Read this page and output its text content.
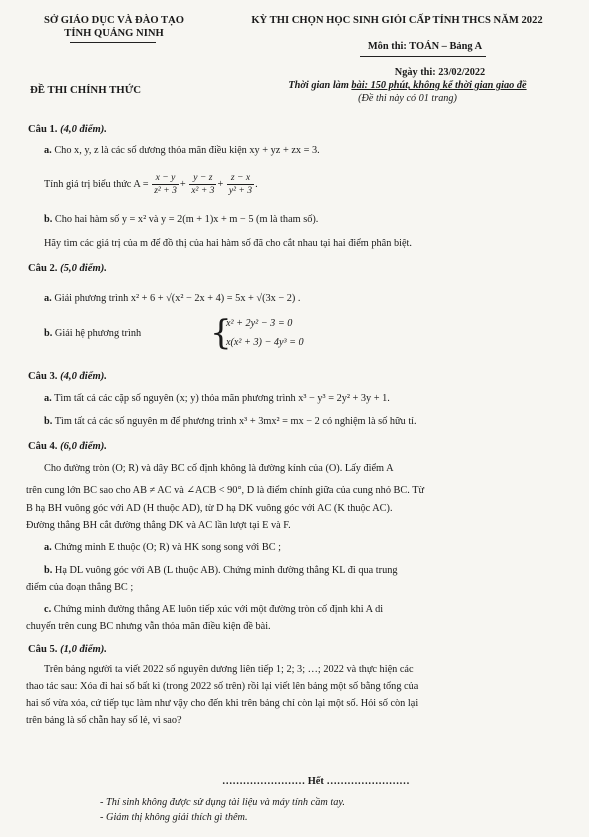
SỞ GIÁO DỤC VÀ ĐÀO TẠO
TỈNH QUẢNG NINH
KỲ THI CHỌN HỌC SINH GIỎI CẤP TỈNH THCS NĂM 2022
Môn thi: TOÁN – Bảng A
Ngày thi: 23/02/2022
ĐỀ THI CHÍNH THỨC	Thời gian làm bài: 150 phút, không kể thời gian giao đề
(Đề thi này có 01 trang)
Câu 1. (4,0 điểm).
a. Cho x, y, z là các số dương thỏa mãn điều kiện xy + yz + zx = 3.
Tính giá trị biểu thức $A = \frac{x - y}{\text{z² + 3}} + \frac{y - z}{\text{x² + 3}} + \frac{z - x}{\text{y² + 3}}$ .
b. Cho hai hàm số y = x² và y = 2(m + 1)x + m − 5 (m là tham số).
Hãy tìm các giá trị của m để đồ thị của hai hàm số đã cho cắt nhau tại hai điểm phân biệt.
Câu 2. (5,0 điểm).
a. Giải phương trình x² + 6 + √(x² − 2x + 4) = 5x + √(3x − 2) .
b. Giải hệ phương trình	{
x² + 2y² − 3 = 0
x(x² + 3) − 4y³ = 0
Câu 3. (4,0 điểm).
a. Tìm tất cả các cặp số nguyên (x; y) thỏa mãn phương trình x³ − y³ = 2y² + 3y + 1.
b. Tìm tất cả các số nguyên m để phương trình x³ + 3mx² = mx − 2 có nghiệm là số hữu tỉ.
Câu 4. (6,0 điểm).
Cho đường tròn (O; R) và dây BC cố định không là đường kính của (O). Lấy điểm A
trên cung lớn BC sao cho AB ≠ AC và ∠ACB < 90°, D là điểm chính giữa của cung nhỏ BC. Từ
B hạ BH vuông góc với AD (H thuộc AD), từ D hạ DK vuông góc với AC (K thuộc AC).
Đường thẳng BH cắt đường thẳng DK và AC lần lượt tại E và F.
a. Chứng minh E thuộc (O; R) và HK song song với BC ;
b. Hạ DL vuông góc với AB (L thuộc AB). Chứng minh đường thẳng KL đi qua trung
điểm của đoạn thẳng BC ;
c. Chứng minh đường thẳng AE luôn tiếp xúc với một đường tròn cố định khi A di
chuyển trên cung BC nhưng vẫn thỏa mãn điều kiện đề bài.
Câu 5. (1,0 điểm).
Trên bảng người ta viết 2022 số nguyên dương liên tiếp 1; 2; 3; …; 2022 và thực hiện các
thao tác sau: Xóa đi hai số bất kì (trong 2022 số trên) rồi lại viết lên bảng một số bằng tổng của
hai số vừa xóa, cứ tiếp tục làm như vậy cho đến khi trên bảng chỉ còn lại một số. Hỏi số còn lại
trên bảng là số chẵn hay số lẻ, vì sao?
…………………… Hết ……………………
- Thí sinh không được sử dụng tài liệu và máy tính cầm tay.
- Giám thị không giải thích gì thêm.
